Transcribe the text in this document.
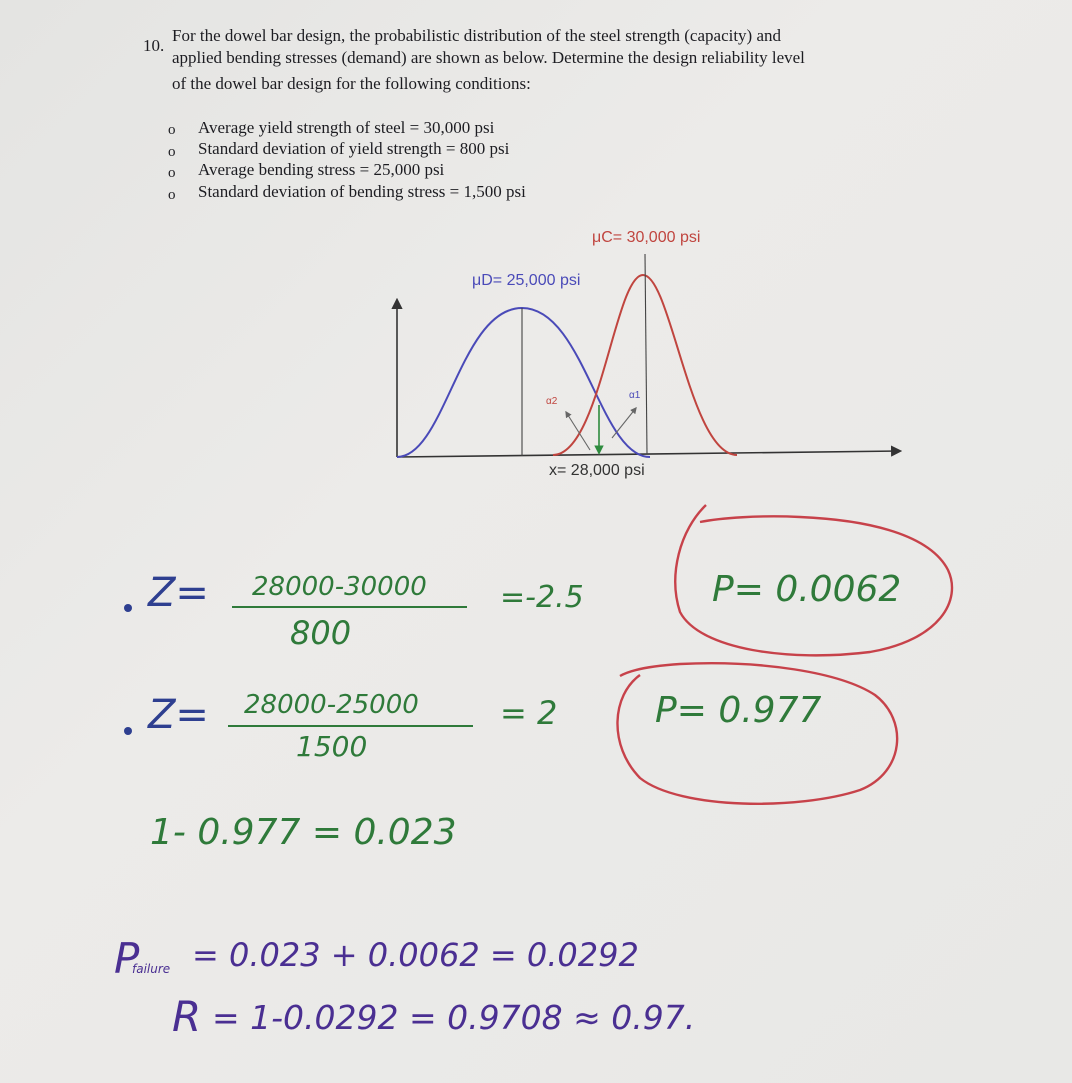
10.
For the dowel bar design, the probabilistic distribution of the steel strength (capacity) and
applied bending stresses (demand) are shown as below. Determine the design reliability level
of the dowel bar design for the following conditions:
o Average yield strength of steel = 30,000 psi
o Standard deviation of yield strength = 800 psi
o Average bending stress = 25,000 psi
o Standard deviation of bending stress = 1,500 psi
μC= 30,000 psi
μD= 25,000 psi
α2
α1
x= 28,000 psi
Z= 28000-30000
800
=-2.5	P= 0.0062
Z= 28000-25000
1500
= 2	P= 0.977
1- 0.977 = 0.023
P
failure = 0.023 + 0.0062 = 0.0292
R = 1-0.0292 = 0.9708 ≈ 0.97.
